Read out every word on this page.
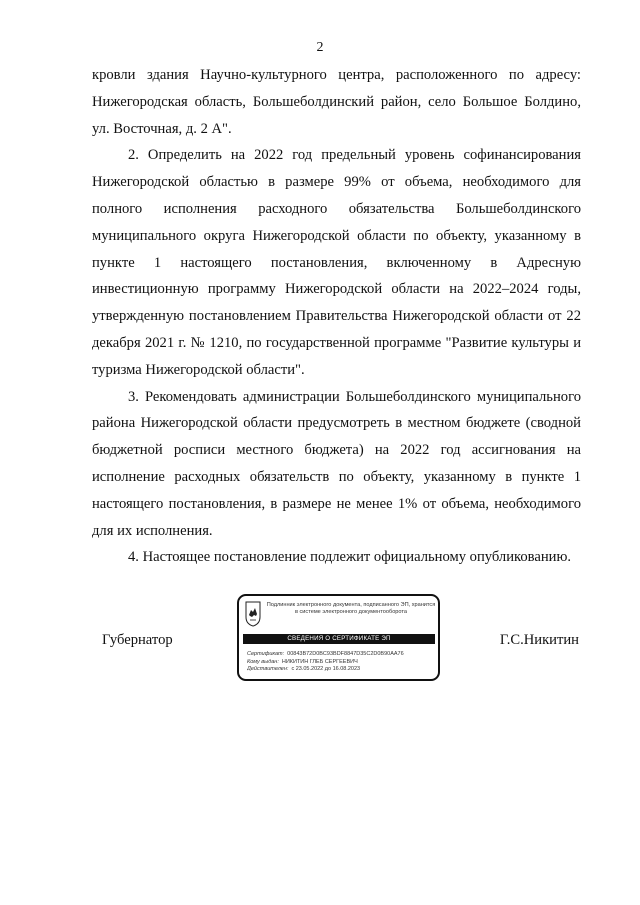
2

кровли здания Научно-культурного центра, расположенного по адресу: Нижегородская область, Большеболдинский район, село Большое Болдино, ул. Восточная, д. 2 А".

2. Определить на 2022 год предельный уровень софинансирования Нижегородской областью в размере 99% от объема, необходимого для полного исполнения расходного обязательства Большеболдинского муниципального округа Нижегородской области по объекту, указанному в пункте 1 настоящего постановления, включенному в Адресную инвестиционную программу Нижегородской области на 2022–2024 годы, утвержденную постановлением Правительства Нижегородской области от 22 декабря 2021 г. № 1210, по государственной программе "Развитие культуры и туризма Нижегородской области".

3. Рекомендовать администрации Большеболдинского муниципального района Нижегородской области предусмотреть в местном бюджете (сводной бюджетной росписи местного бюджета) на 2022 год ассигнования на исполнение расходных обязательств по объекту, указанному в пункте 1 настоящего постановления, в размере не менее 1% от объема, необходимого для их исполнения.

4. Настоящее постановление подлежит официальному опубликованию.

Губернатор
Подлинник электронного документа, подписанного ЭП, хранится в системе электронного документооборота
СВЕДЕНИЯ О СЕРТИФИКАТЕ ЭП
Сертификат: 00843B72D0BC93BDF8847D35C2D0B90AA76
Кому выдан: НИКИТИН ГЛЕБ СЕРГЕЕВИЧ
Действителен: с 23.05.2022 до 16.08.2023
Г.С.Никитин
